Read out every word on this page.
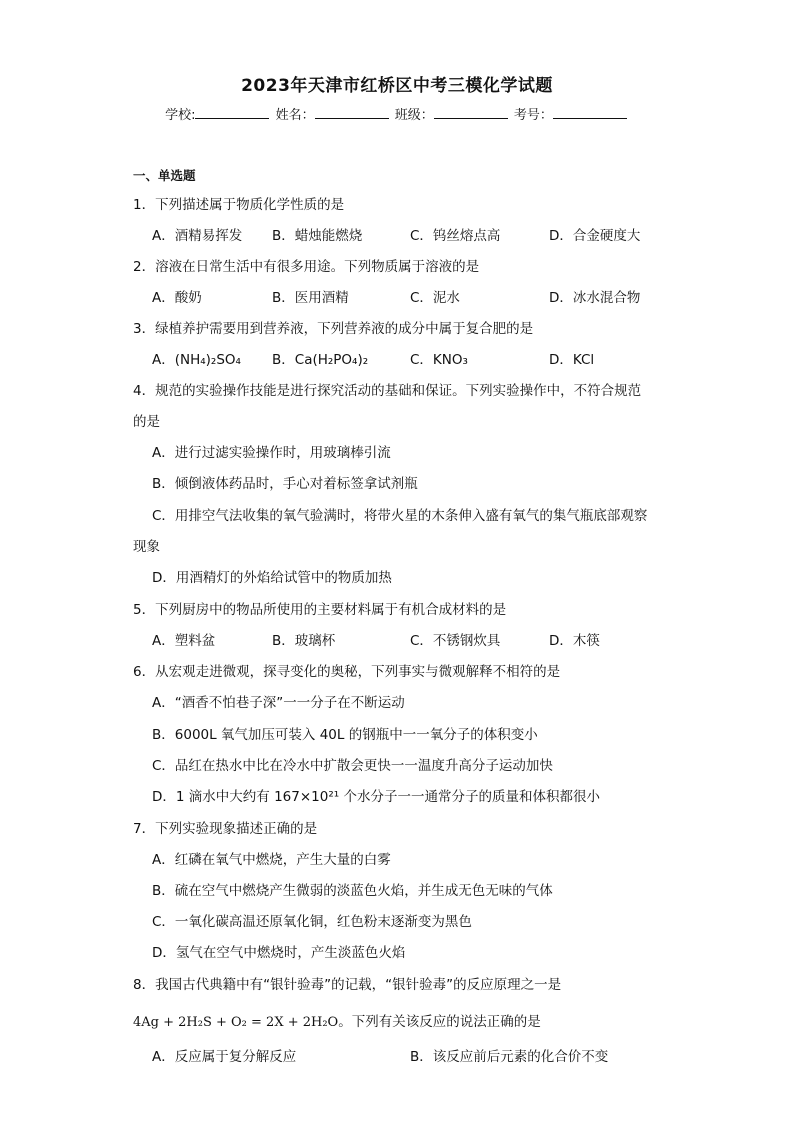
2023年天津市红桥区中考三模化学试题
学校:	姓名：	班级：	考号：
一、单选题
1．下列描述属于物质化学性质的是
A．酒精易挥发 B．蜡烛能燃烧	C．钨丝熔点高	D．合金硬度大
2．溶液在日常生活中有很多用途。下列物质属于溶液的是
A．酸奶	B．医用酒精	C．泥水	D．冰水混合物
3．绿植养护需要用到营养液，下列营养液的成分中属于复合肥的是
A．(NH₄)₂SO₄ B．Ca(H₂PO₄)₂	C．KNO₃	D．KCl
4．规范的实验操作技能是进行探究活动的基础和保证。下列实验操作中，不符合规范
的是
A．进行过滤实验操作时，用玻璃棒引流
B．倾倒液体药品时，手心对着标签拿试剂瓶
C．用排空气法收集的氧气验满时，将带火星的木条伸入盛有氧气的集气瓶底部观察
现象
D．用酒精灯的外焰给试管中的物质加热
5．下列厨房中的物品所使用的主要材料属于有机合成材料的是
A．塑料盆	B．玻璃杯	C．不锈钢炊具	D．木筷
6．从宏观走进微观，探寻变化的奥秘，下列事实与微观解释不相符的是
A．“酒香不怕巷子深”一一分子在不断运动
B．6000L 氧气加压可装入 40L 的钢瓶中一一氧分子的体积变小
C．品红在热水中比在冷水中扩散会更快一一温度升高分子运动加快
D．1 滴水中大约有 167×10²¹ 个水分子一一通常分子的质量和体积都很小
7．下列实验现象描述正确的是
A．红磷在氧气中燃烧，产生大量的白雾
B．硫在空气中燃烧产生微弱的淡蓝色火焰，并生成无色无味的气体
C．一氧化碳高温还原氧化铜，红色粉末逐渐变为黑色
D．氢气在空气中燃烧时，产生淡蓝色火焰
8．我国古代典籍中有“银针验毒”的记载，“银针验毒”的反应原理之一是
4Ag + 2H₂S + O₂ = 2X + 2H₂O。下列有关该反应的说法正确的是
A．反应属于复分解反应	B．该反应前后元素的化合价不变
